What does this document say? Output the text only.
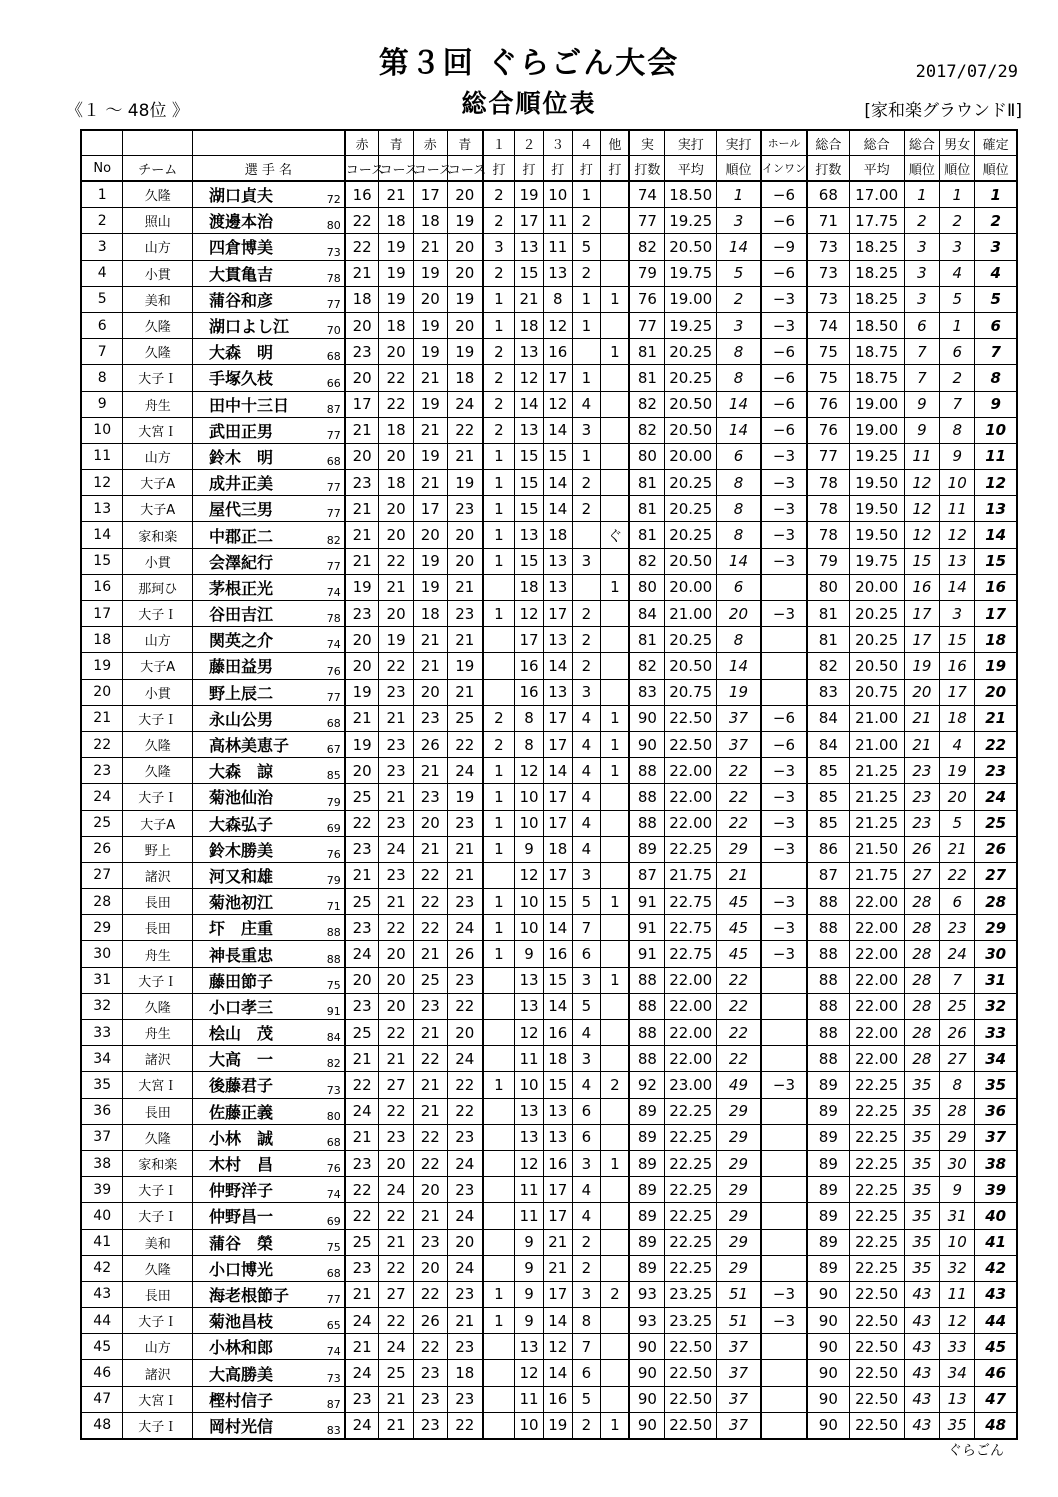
第３回 ぐらごん大会	2017/07/29
総合順位表
《１ ～ 48位 》	[家和楽グラウンドⅡ]
			赤	青	赤	青	１	２	３	４	他	実	実打	実打	ホール	総合	総合	総合	男女	確定
No	チーム	選 手 名	コース	コース	コース	コース	打	打	打	打	打	打数	平均	順位	インワン	打数	平均	順位	順位	順位
1	久隆	湖口貞夫 72	16	21	17	20	2	19	10	1		74	18.50	1	−6	68	17.00	1	1	1
2	照山	渡邊本治 80	22	18	18	19	2	17	11	2		77	19.25	3	−6	71	17.75	2	2	2
3	山方	四倉博美 73	22	19	21	20	3	13	11	5		82	20.50	14	−9	73	18.25	3	3	3
4	小貫	大貫亀吉 78	21	19	19	20	2	15	13	2		79	19.75	5	−6	73	18.25	3	4	4
5	美和	蒲谷和彦 77	18	19	20	19	1	21	8	1	1	76	19.00	2	−3	73	18.25	3	5	5
6	久隆	湖口よし江 70	20	18	19	20	1	18	12	1		77	19.25	3	−3	74	18.50	6	1	6
7	久隆	大森　明 68	23	20	19	19	2	13	16		1	81	20.25	8	−6	75	18.75	7	6	7
8	大子Ｉ	手塚久枝 66	20	22	21	18	2	12	17	1		81	20.25	8	−6	75	18.75	7	2	8
9	舟生	田中十三日 87	17	22	19	24	2	14	12	4		82	20.50	14	−6	76	19.00	9	7	9
10	大宮Ｉ	武田正男 77	21	18	21	22	2	13	14	3		82	20.50	14	−6	76	19.00	9	8	10
11	山方	鈴木　明 68	20	20	19	21	1	15	15	1		80	20.00	6	−3	77	19.25	11	9	11
12	大子A	成井正美 77	23	18	21	19	1	15	14	2		81	20.25	8	−3	78	19.50	12	10	12
13	大子A	屋代三男 77	21	20	17	23	1	15	14	2		81	20.25	8	−3	78	19.50	12	11	13
14	家和楽	中郡正二 82	21	20	20	20	1	13	18		ぐ	81	20.25	8	−3	78	19.50	12	12	14
15	小貫	会澤紀行 77	21	22	19	20	1	15	13	3		82	20.50	14	−3	79	19.75	15	13	15
16	那珂ひ	茅根正光 74	19	21	19	21		18	13		1	80	20.00	6		80	20.00	16	14	16
17	大子Ｉ	谷田吉江 78	23	20	18	23	1	12	17	2		84	21.00	20	−3	81	20.25	17	3	17
18	山方	関英之介 74	20	19	21	21		17	13	2		81	20.25	8		81	20.25	17	15	18
19	大子A	藤田益男 76	20	22	21	19		16	14	2		82	20.50	14		82	20.50	19	16	19
20	小貫	野上辰二 77	19	23	20	21		16	13	3		83	20.75	19		83	20.75	20	17	20
21	大子Ｉ	永山公男 68	21	21	23	25	2	8	17	4	1	90	22.50	37	−6	84	21.00	21	18	21
22	久隆	高林美恵子 67	19	23	26	22	2	8	17	4	1	90	22.50	37	−6	84	21.00	21	4	22
23	久隆	大森　諒 85	20	23	21	24	1	12	14	4	1	88	22.00	22	−3	85	21.25	23	19	23
24	大子Ｉ	菊池仙治 79	25	21	23	19	1	10	17	4		88	22.00	22	−3	85	21.25	23	20	24
25	大子A	大森弘子 69	22	23	20	23	1	10	17	4		88	22.00	22	−3	85	21.25	23	5	25
26	野上	鈴木勝美 76	23	24	21	21	1	9	18	4		89	22.25	29	−3	86	21.50	26	21	26
27	諸沢	河又和雄 79	21	23	22	21		12	17	3		87	21.75	21		87	21.75	27	22	27
28	長田	菊池初江 71	25	21	22	23	1	10	15	5	1	91	22.75	45	−3	88	22.00	28	6	28
29	長田	圷　庄重 88	23	22	22	24	1	10	14	7		91	22.75	45	−3	88	22.00	28	23	29
30	舟生	神長重忠 88	24	20	21	26	1	9	16	6		91	22.75	45	−3	88	22.00	28	24	30
31	大子Ｉ	藤田節子 75	20	20	25	23		13	15	3	1	88	22.00	22		88	22.00	28	7	31
32	久隆	小口孝三 91	23	20	23	22		13	14	5		88	22.00	22		88	22.00	28	25	32
33	舟生	桧山　茂 84	25	22	21	20		12	16	4		88	22.00	22		88	22.00	28	26	33
34	諸沢	大高　一 82	21	21	22	24		11	18	3		88	22.00	22		88	22.00	28	27	34
35	大宮Ｉ	後藤君子 73	22	27	21	22	1	10	15	4	2	92	23.00	49	−3	89	22.25	35	8	35
36	長田	佐藤正義 80	24	22	21	22		13	13	6		89	22.25	29		89	22.25	35	28	36
37	久隆	小林　誠 68	21	23	22	23		13	13	6		89	22.25	29		89	22.25	35	29	37
38	家和楽	木村　昌 76	23	20	22	24		12	16	3	1	89	22.25	29		89	22.25	35	30	38
39	大子Ｉ	仲野洋子 74	22	24	20	23		11	17	4		89	22.25	29		89	22.25	35	9	39
40	大子Ｉ	仲野昌一 69	22	22	21	24		11	17	4		89	22.25	29		89	22.25	35	31	40
41	美和	蒲谷　榮 75	25	21	23	20		9	21	2		89	22.25	29		89	22.25	35	10	41
42	久隆	小口博光 68	23	22	20	24		9	21	2		89	22.25	29		89	22.25	35	32	42
43	長田	海老根節子 77	21	27	22	23	1	9	17	3	2	93	23.25	51	−3	90	22.50	43	11	43
44	大子Ｉ	菊池昌枝 65	24	22	26	21	1	9	14	8		93	23.25	51	−3	90	22.50	43	12	44
45	山方	小林和郎 74	21	24	22	23		13	12	7		90	22.50	37		90	22.50	43	33	45
46	諸沢	大高勝美 73	24	25	23	18		12	14	6		90	22.50	37		90	22.50	43	34	46
47	大宮Ｉ	樫村信子 87	23	21	23	23		11	16	5		90	22.50	37		90	22.50	43	13	47
48	大子Ｉ	岡村光信 83	24	21	23	22		10	19	2	1	90	22.50	37		90	22.50	43	35	48
ぐらごん
